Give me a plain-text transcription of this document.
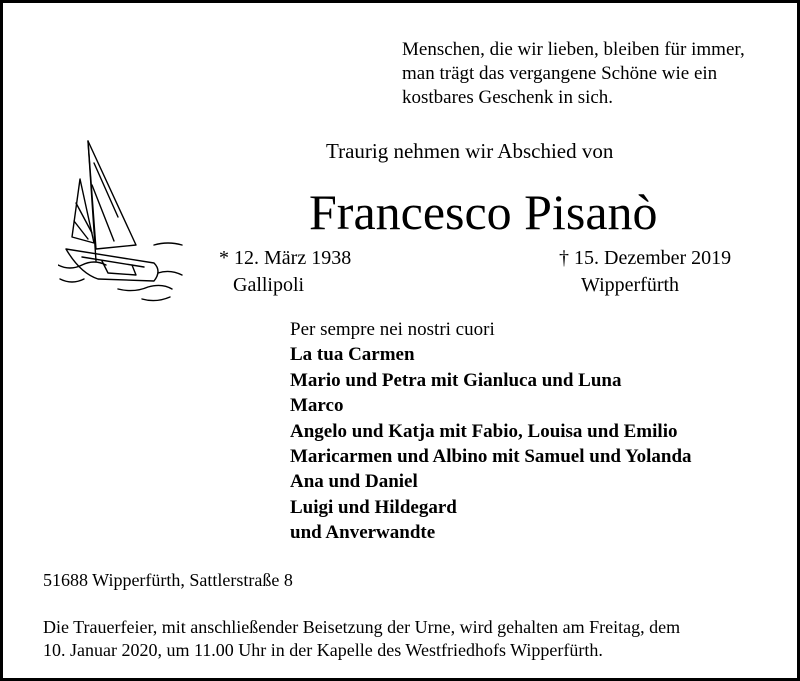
Menschen, die wir lieben, bleiben für immer,
man trägt das vergangene Schöne wie ein
kostbares Geschenk in sich.
Traurig nehmen wir Abschied von
Francesco Pisanò
* 12. März 1938
Gallipoli
† 15. Dezember 2019
Wipperfürth
Per sempre nei nostri cuori
La tua Carmen
Mario und Petra mit Gianluca und Luna
Marco
Angelo und Katja mit Fabio, Louisa und Emilio
Maricarmen und Albino mit Samuel und Yolanda
Ana und Daniel
Luigi und Hildegard
und Anverwandte
51688 Wipperfürth, Sattlerstraße 8
Die Trauerfeier, mit anschließender Beisetzung der Urne, wird gehalten am Freitag, dem
10. Januar 2020, um 11.00 Uhr in der Kapelle des Westfriedhofs Wipperfürth.
